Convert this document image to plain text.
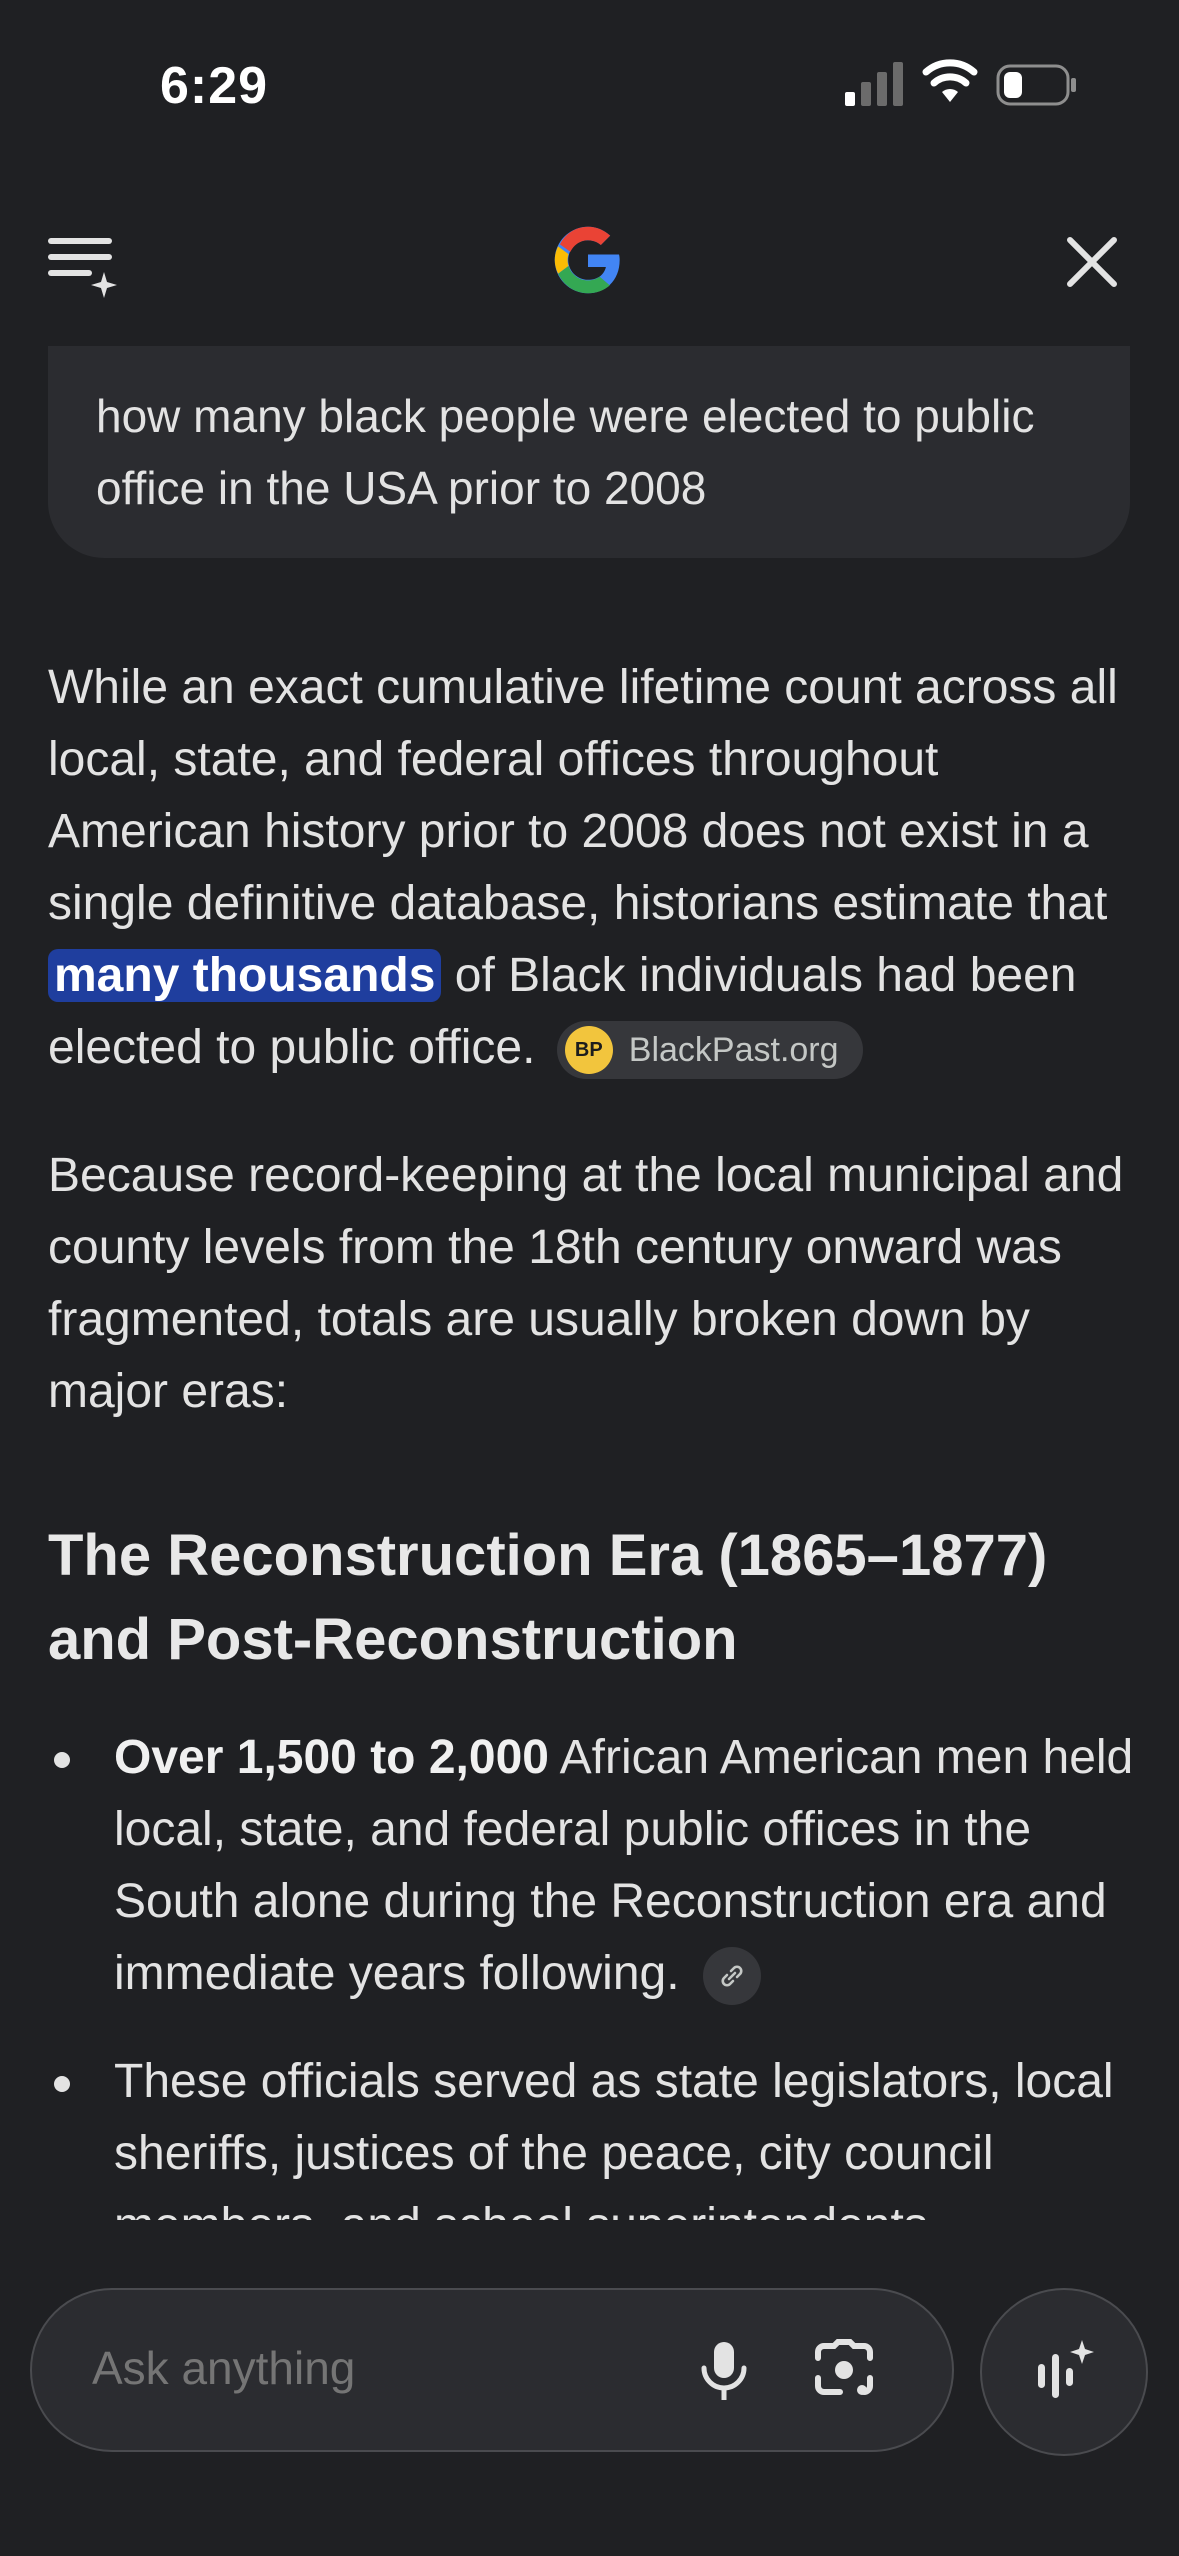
6:29
how many black people were elected to public office in the USA prior to 2008

While an exact cumulative lifetime count across all local, state, and federal offices throughout American history prior to 2008 does not exist in a single definitive database, historians estimate that many thousands of Black individuals had been elected to public office.	BP BlackPast.org

Because record-keeping at the local municipal and county levels from the 18th century onward was fragmented, totals are usually broken down by major eras:

The Reconstruction Era (1865–1877) and Post-Reconstruction
Over 1,500 to 2,000 African American men held local, state, and federal public offices in the South alone during the Reconstruction era and immediate years following.
These officials served as state legislators, local sheriffs, justices of the peace, city council
Ask anything
